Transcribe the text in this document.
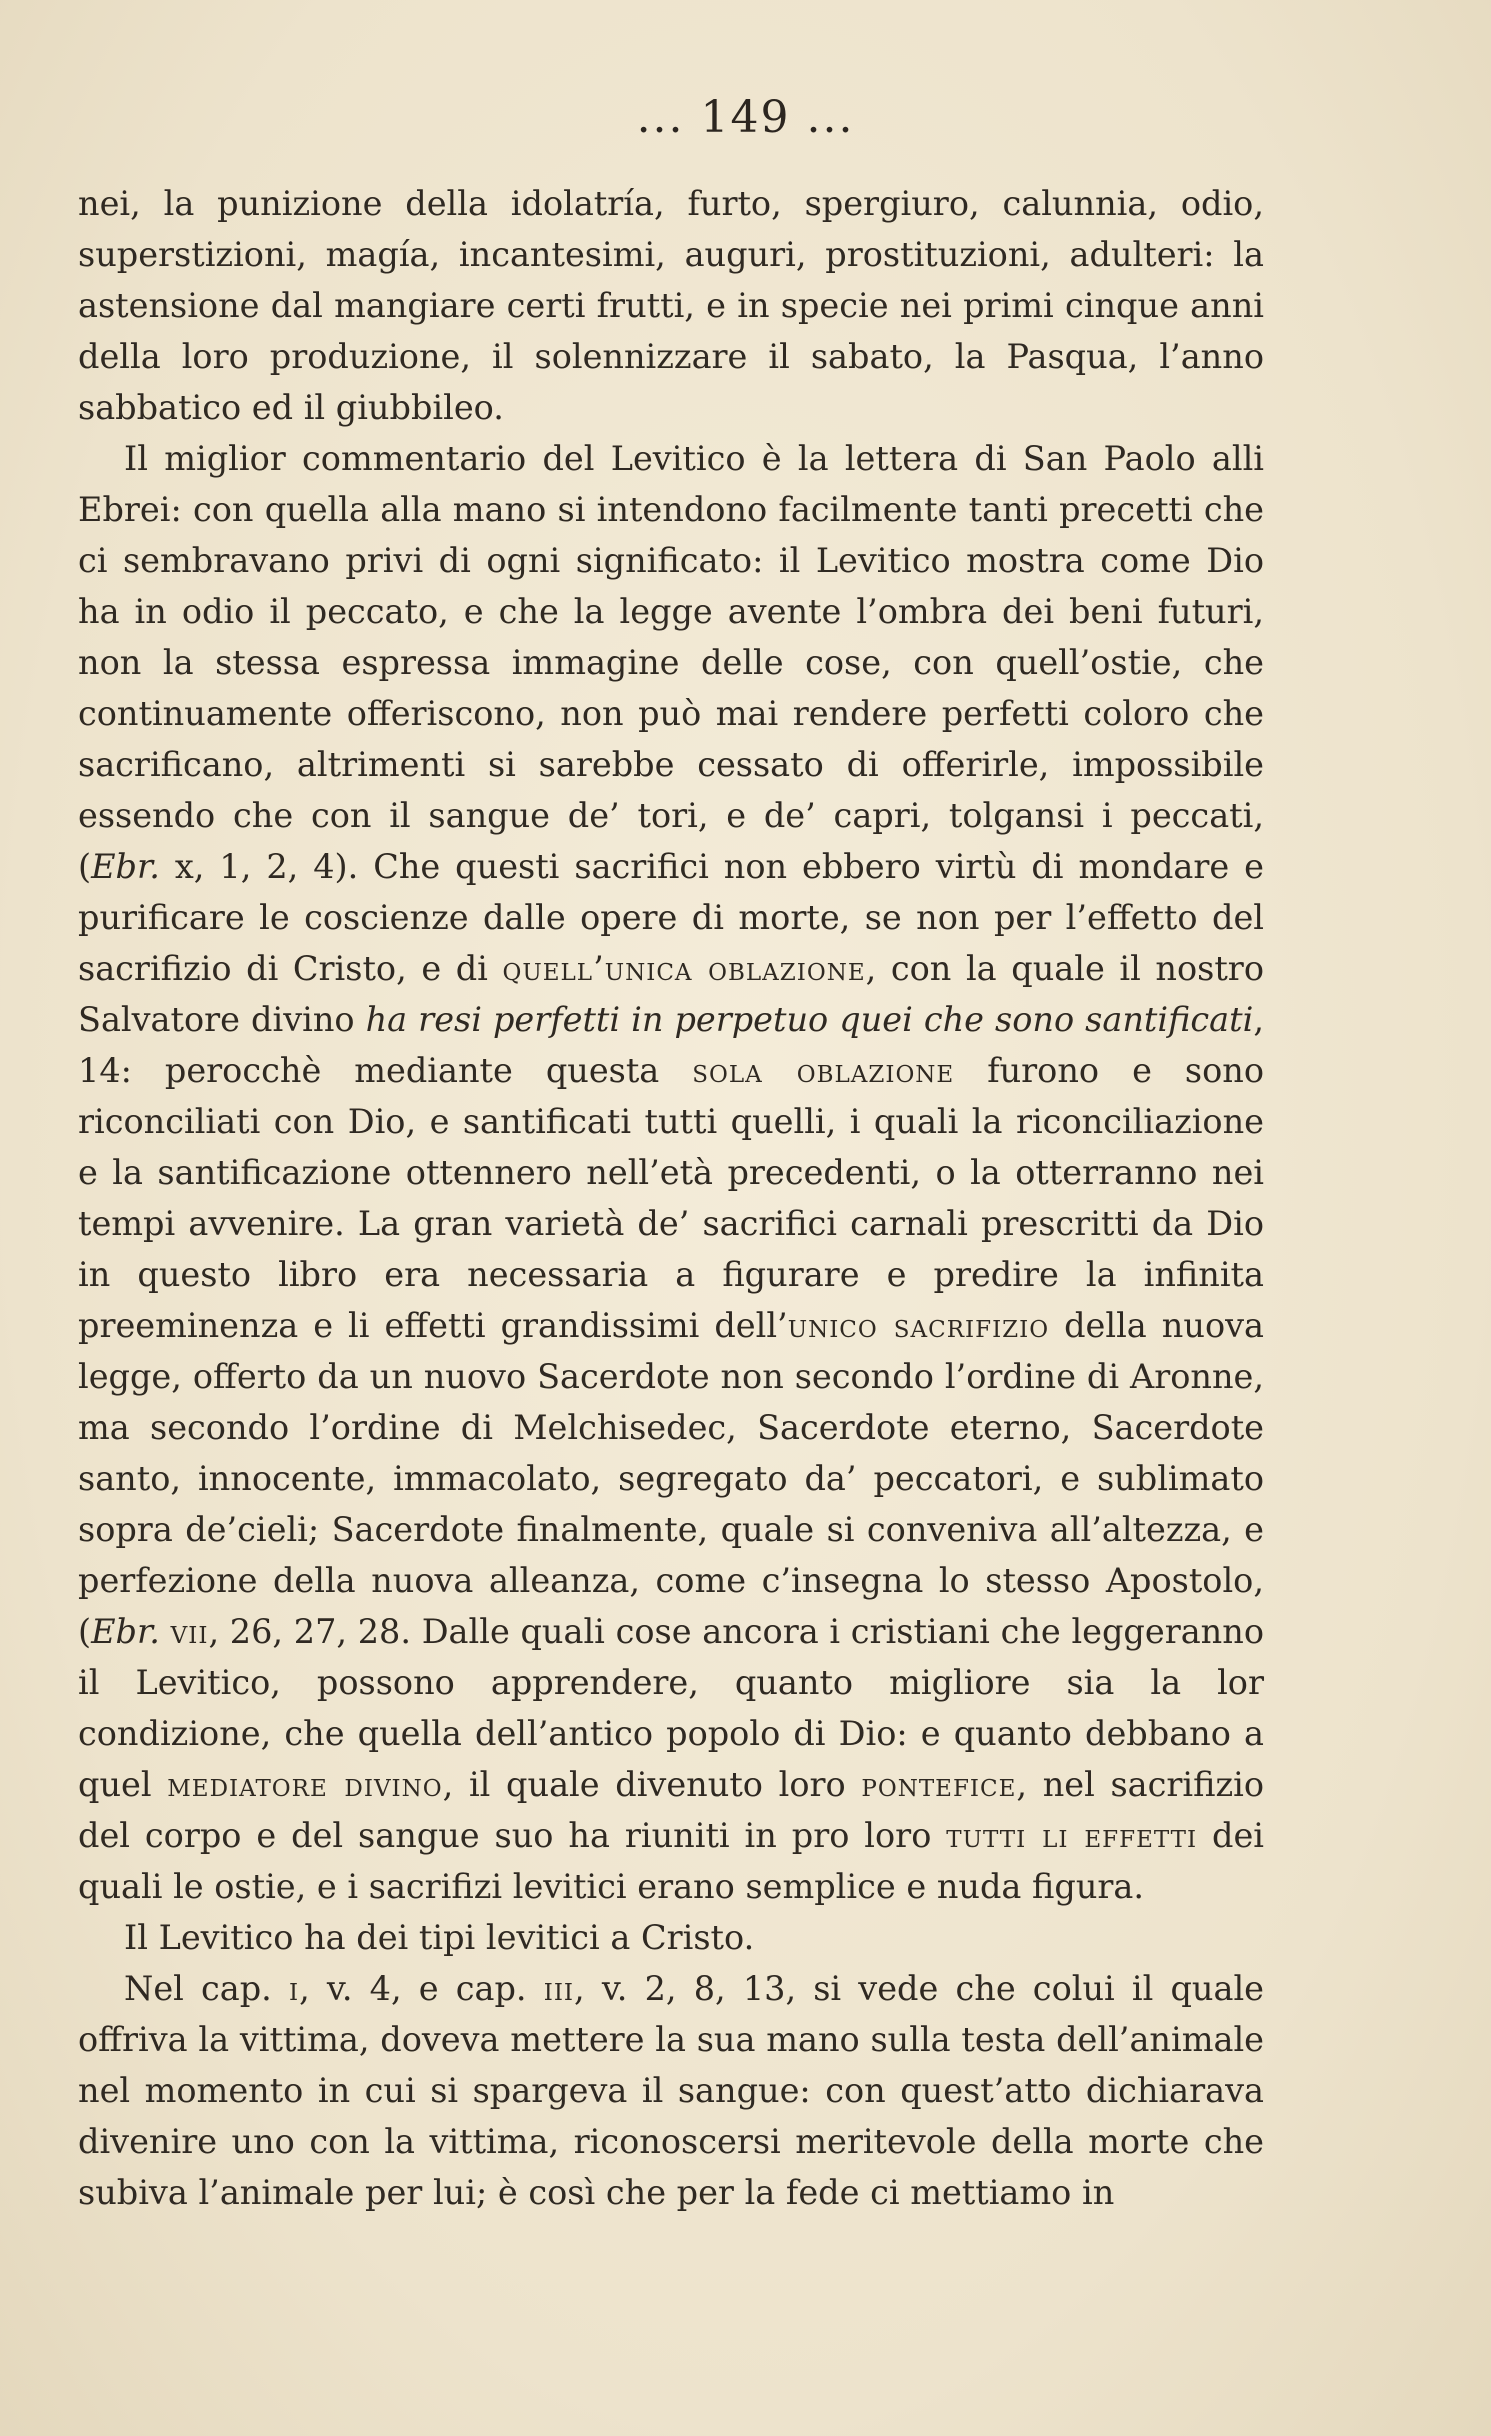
... 149 ...

nei, la punizione della idolatría, furto, spergiuro, calunnia, odio, superstizioni, magía, incantesimi, auguri, prostituzioni, adulteri: la astensione dal mangiare certi frutti, e in specie nei primi cinque anni della loro produzione, il solennizzare il sabato, la Pasqua, l’anno sabbatico ed il giubbileo.

Il miglior commentario del Levitico è la lettera di San Paolo alli Ebrei: con quella alla mano si intendono facilmente tanti precetti che ci sembravano privi di ogni significato: il Levitico mostra come Dio ha in odio il peccato, e che la legge avente l’ombra dei beni futuri, non la stessa espressa immagine delle cose, con quell’ostie, che continuamente offeriscono, non può mai rendere perfetti coloro che sacrificano, altrimenti si sarebbe cessato di offerirle, impossibile essendo che con il sangue de’ tori, e de’ capri, tolgansi i peccati, (Ebr. x, 1, 2, 4). Che questi sacrifici non ebbero virtù di mondare e purificare le coscienze dalle opere di morte, se non per l’effetto del sacrifizio di Cristo, e di quell’unica oblazione, con la quale il nostro Salvatore divino ha resi perfetti in perpetuo quei che sono santificati, 14: perocchè mediante questa sola oblazione furono e sono riconciliati con Dio, e santificati tutti quelli, i quali la riconciliazione e la santificazione ottennero nell’età precedenti, o la otterranno nei tempi avvenire. La gran varietà de’ sacrifici carnali prescritti da Dio in questo libro era necessaria a figurare e predire la infinita preeminenza e li effetti grandissimi dell’unico sacrifizio della nuova legge, offerto da un nuovo Sacerdote non secondo l’ordine di Aronne, ma secondo l’ordine di Melchisedec, Sacerdote eterno, Sacerdote santo, innocente, immacolato, segregato da’ peccatori, e sublimato sopra de’cieli; Sacerdote finalmente, quale si conveniva all’altezza, e perfezione della nuova alleanza, come c’insegna lo stesso Apostolo, (Ebr. vii, 26, 27, 28. Dalle quali cose ancora i cristiani che leggeranno il Levitico, possono apprendere, quanto migliore sia la lor condizione, che quella dell’antico popolo di Dio: e quanto debbano a quel mediatore divino, il quale divenuto loro pontefice, nel sacrifizio del corpo e del sangue suo ha riuniti in pro loro tutti li effetti dei quali le ostie, e i sacrifizi levitici erano semplice e nuda figura.

Il Levitico ha dei tipi levitici a Cristo.

Nel cap. i, v. 4, e cap. iii, v. 2, 8, 13, si vede che colui il quale offriva la vittima, doveva mettere la sua mano sulla testa dell’animale nel momento in cui si spargeva il sangue: con quest’atto dichiarava divenire uno con la vittima, riconoscersi meritevole della morte che subiva l’animale per lui; è così che per la fede ci mettiamo in
